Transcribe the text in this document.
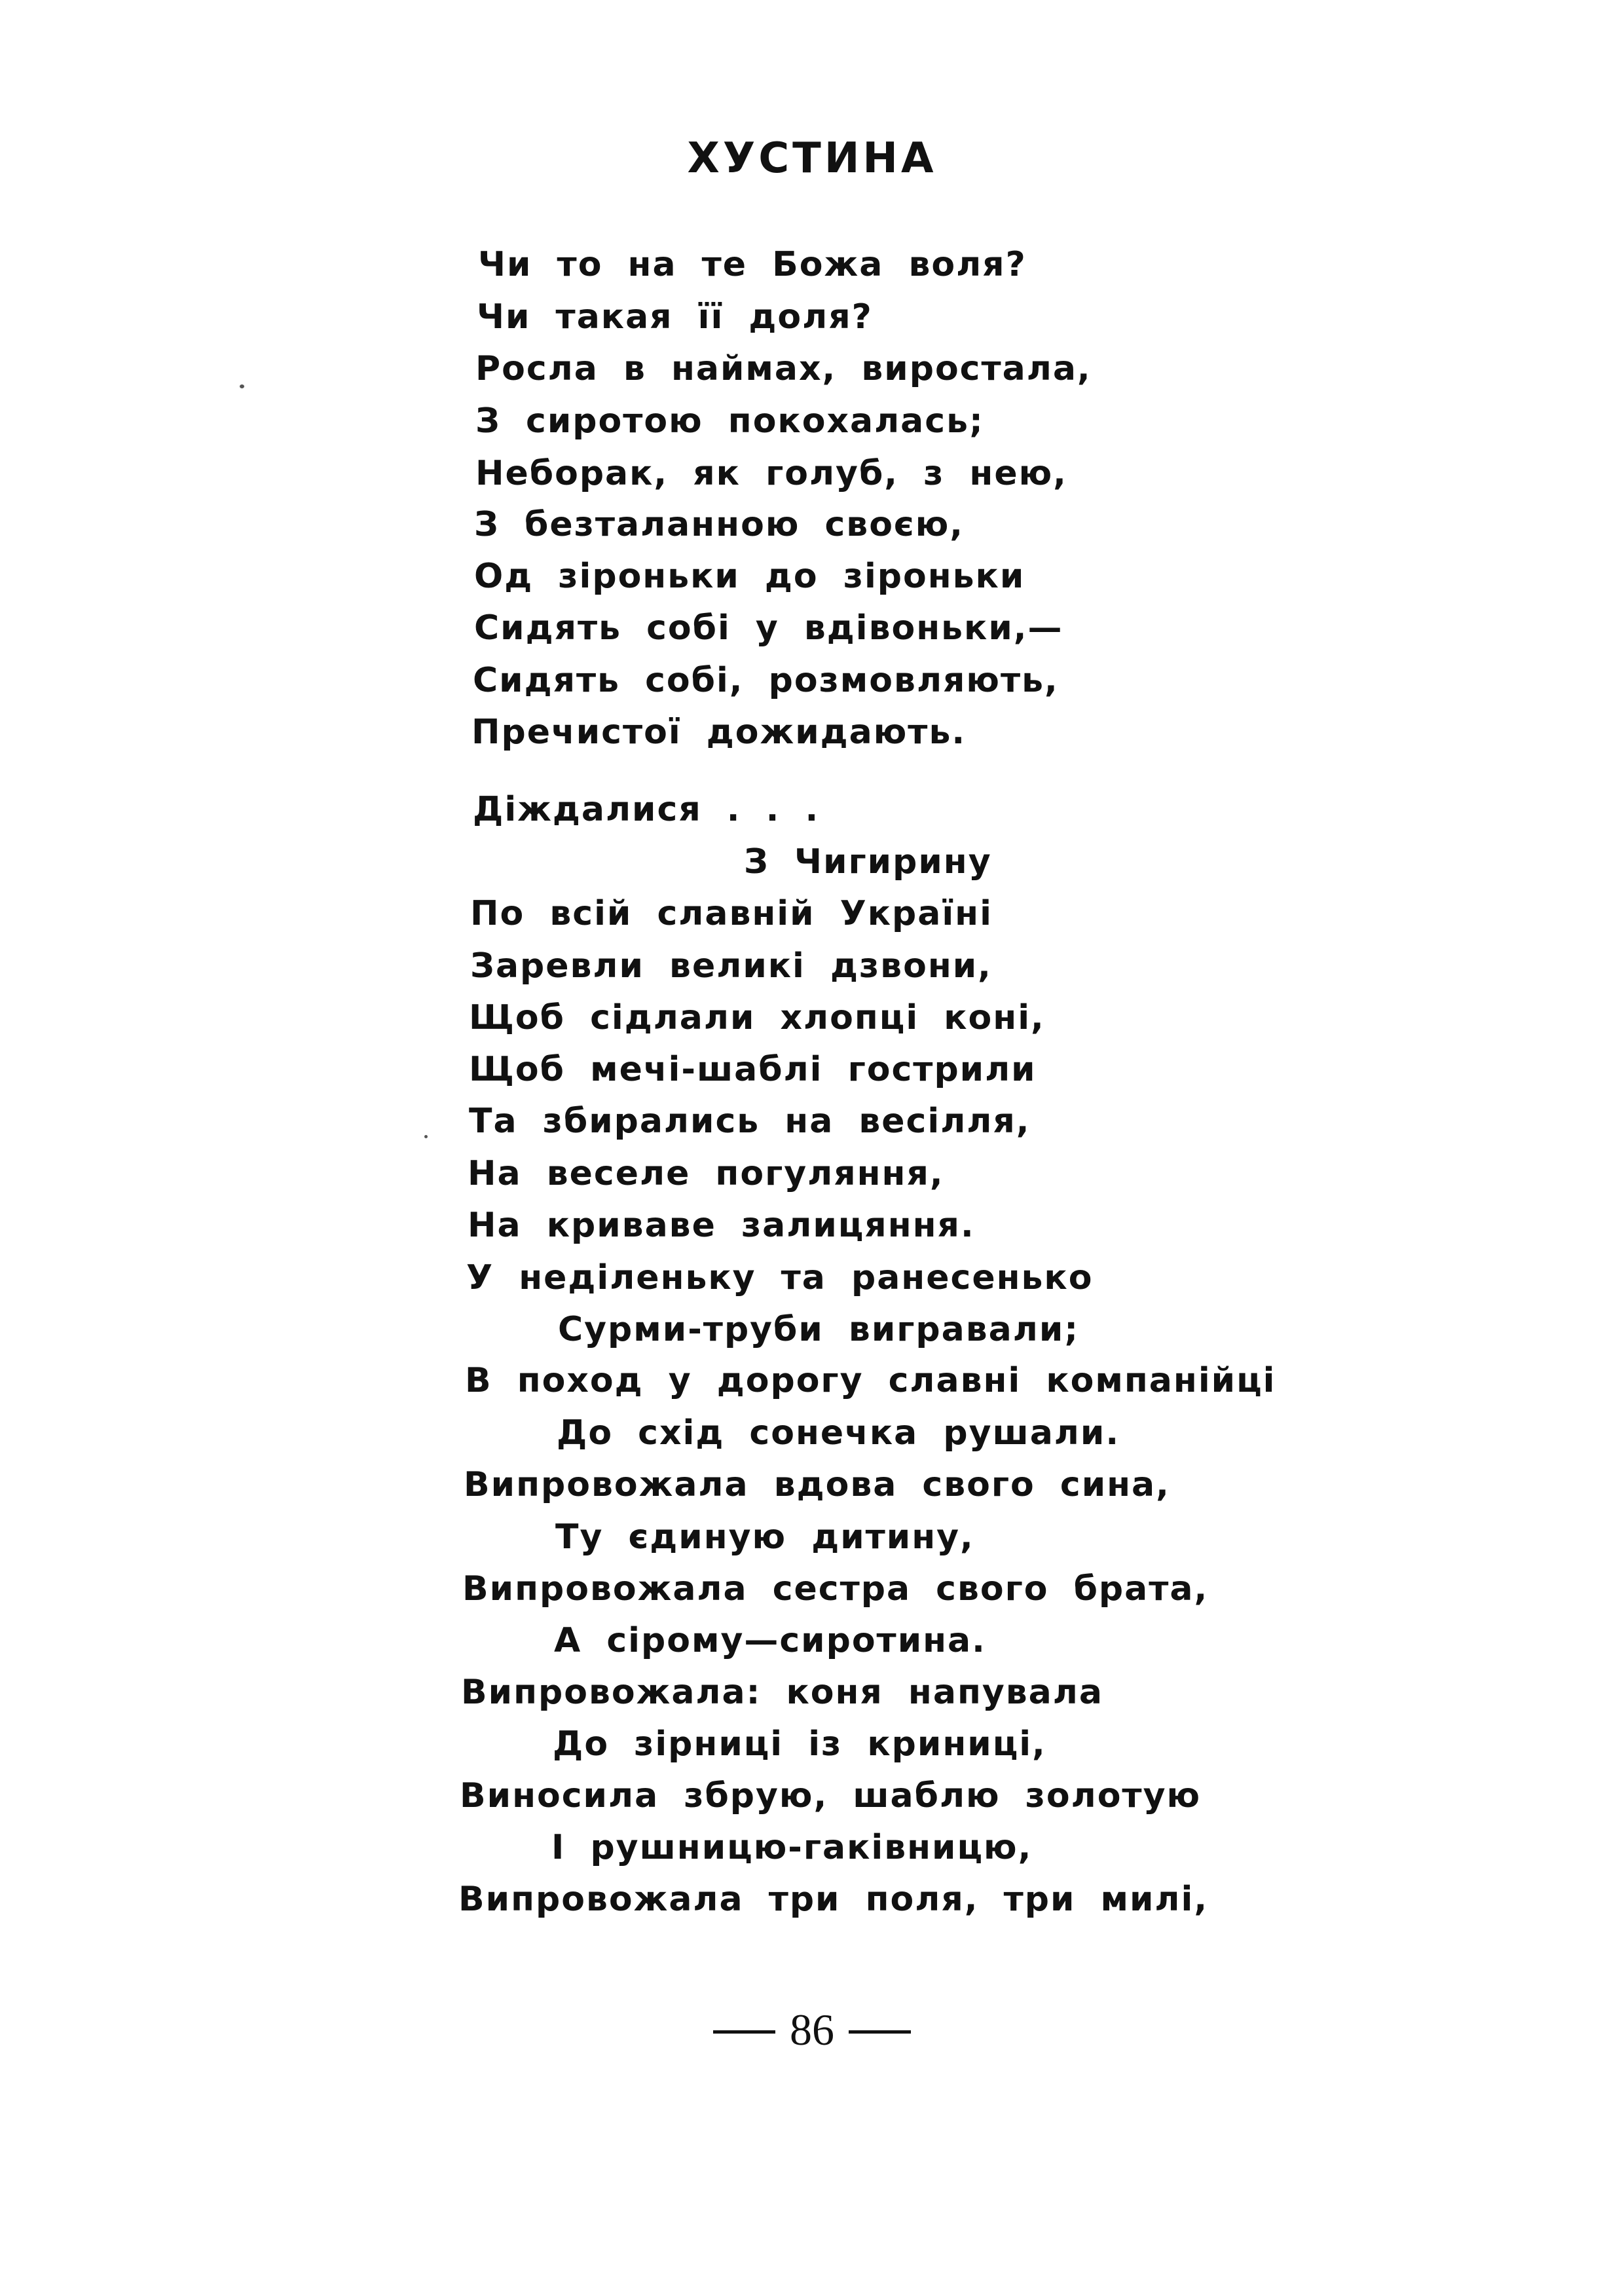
ХУСТИНА
Чи то на те Божа воля?
Чи такая її доля?
Росла в наймах, виростала,
З сиротою покохалась;
Неборак, як голуб, з нею,
З безталанною своєю,
Од зіроньки до зіроньки
Сидять собі у вдівоньки,—
Сидять собі, розмовляють,
Пречистої дожидають.
Діждалися . . .
З Чигирину
По всій славній Україні
Заревли великі дзвони,
Щоб сідлали хлопці коні,
Щоб мечі-шаблі гострили
Та збирались на весілля,
На веселе погуляння,
На криваве залицяння.
У неділеньку та ранесенько
Сурми-труби вигравали;
В поход у дорогу славні компанійці
До схід сонечка рушали.
Випровожала вдова свого сина,
Ту єдиную дитину,
Випровожала сестра свого брата,
А сірому—сиротина.
Випровожала: коня напувала
До зірниці із криниці,
Виносила збрую, шаблю золотую
І рушницю-гаківницю,
Випровожала три поля, три милі,
86
